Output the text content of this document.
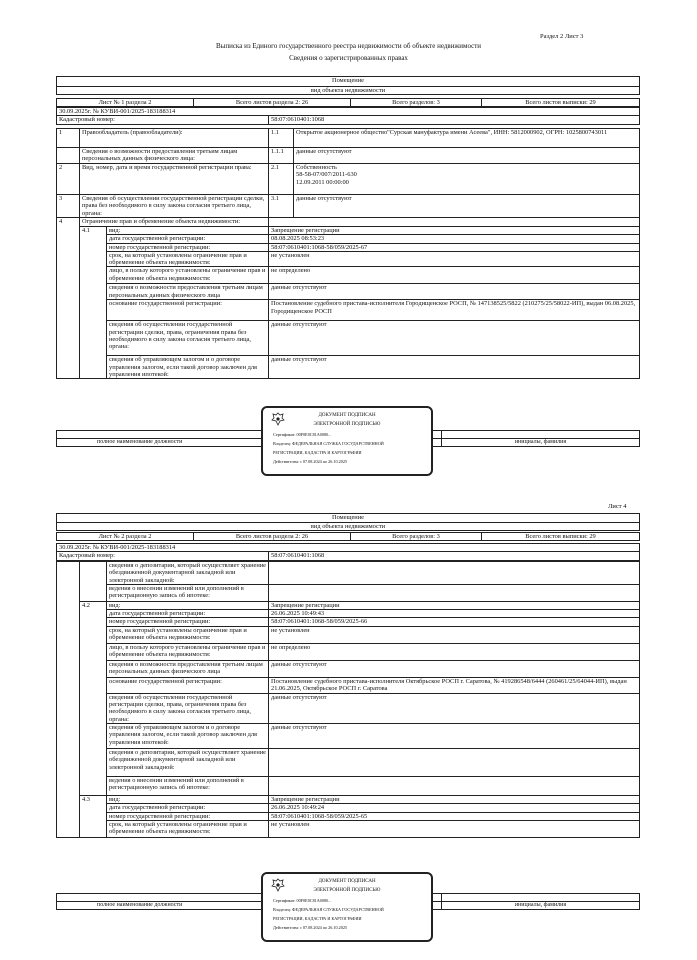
Раздел 2 Лист 3
Выписка из Единого государственного реестра недвижимости об объекте недвижимости
Сведения о зарегистрированных правах
Помещение
вид объекта недвижимости
Лист № 1 раздела 2	Всего листов раздела 2: 26	Всего разделов: 3	Всего листов выписки: 29
30.09.2025г. № КУВИ-001/2025-183188314
Кадастровый номер:	58:07:0610401:1068
1	Правообладатель (правообладатели):		1.1	Открытое акционерное общество"Сурская мануфактура имени Асеева", ИНН: 5812000902, ОГРН: 1025800743011
	Сведения о возможности предоставления третьим лицам персональных данных физического лица:		1.1.1	данные отсутствуют
2	Вид, номер, дата и время государственной регистрации права:		2.1	Собственность
58-58-07/007/2011-630
12.09.2011 00:00:00
3	Сведения об осуществлении государственной регистрации сделки, права без необходимого в силу закона согласия третьего лица, органа:		3.1	данные отсутствуют
4	Ограничение прав и обременение объекта недвижимости:			
	4.1	вид:	Запрещение регистрации	
		дата государственной регистрации:	08.08.2025 08:53:23	
		номер государственной регистрации:	58:07:0610401:1068-58/059/2025-67	
		срок, на который установлены ограничение прав и обременение объекта недвижимости:	не установлен	
		лицо, в пользу которого установлены ограничение прав и обременение объекта недвижимости:	не определено	
		сведения о возможности предоставления третьим лицам персональных данных физического лица	данные отсутствуют	
		основание государственной регистрации:	Постановление судебного пристава-исполнителя Городищенское РОСП, № 147138525/5822 (210275/25/58022-ИП), выдан 06.08.2025, Городищенское РОСП	
		сведения об осуществлении государственной регистрации сделки, права, ограничения права без необходимого в силу закона согласия третьего лица, органа:	данные отсутствуют	
		сведения об управляющем залогом и о договоре управления залогом, если такой договор заключен для управления ипотекой:	данные отсутствуют	

полное наименование должности	инициалы, фамилия
ДОКУМЕНТ ПОДПИСАН
ЭЛЕКТРОННОЙ ПОДПИСЬЮ
Сертификат: 00F0E0C81A0080...
Владелец: ФЕДЕРАЛЬНАЯ СЛУЖБА ГОСУДАРСТВЕННОЙ
РЕГИСТРАЦИИ, КАДАСТРА И КАРТОГРАФИИ
Действителен: с 07.08.2024 по 26.10.2025
Лист 4
Помещение
вид объекта недвижимости
Лист № 2 раздела 2	Всего листов раздела 2: 26	Всего разделов: 3	Всего листов выписки: 29
30.09.2025г. № КУВИ-001/2025-183188314
Кадастровый номер:	58:07:0610401:1068
		сведения о депозитарии, который осуществляет хранение обездвиженной документарной закладной или электронной закладной:	
		ведения о внесении изменений или дополнений в регистрационную запись об ипотеке:	
	4.2	вид:	Запрещение регистрации
		дата государственной регистрации:	26.06.2025 10:49:43
		номер государственной регистрации:	58:07:0610401:1068-58/059/2025-66
		срок, на который установлены ограничение прав и обременение объекта недвижимости:	не установлен
		лицо, в пользу которого установлены ограничение прав и обременение объекта недвижимости:	не определено
		сведения о возможности предоставления третьим лицам персональных данных физического лица	данные отсутствуют
		основание государственной регистрации:	Постановление судебного пристава-исполнителя Октябрьское РОСП г. Саратова, № 419286548/6444 (260461/25/64044-ИП), выдан 21.06.2025, Октябрьское РОСП г. Саратова
		сведения об осуществлении государственной регистрации сделки, права, ограничения права без необходимого в силу закона согласия третьего лица, органа:	данные отсутствуют
		сведения об управляющем залогом и о договоре управления залогом, если такой договор заключен для управления ипотекой:	данные отсутствуют
		сведения о депозитарии, который осуществляет хранение обездвиженной документарной закладной или электронной закладной:	
		ведения о внесении изменений или дополнений в регистрационную запись об ипотеке:	
	4.3	вид:	Запрещение регистрации
		дата государственной регистрации:	26.06.2025 10:49:24
		номер государственной регистрации:	58:07:0610401:1068-58/059/2025-65
		срок, на который установлены ограничение прав и обременение объекта недвижимости:	не установлен

полное наименование должности	инициалы, фамилия
ДОКУМЕНТ ПОДПИСАН
ЭЛЕКТРОННОЙ ПОДПИСЬЮ
Сертификат: 00F0E0C81A0080...
Владелец: ФЕДЕРАЛЬНАЯ СЛУЖБА ГОСУДАРСТВЕННОЙ
РЕГИСТРАЦИИ, КАДАСТРА И КАРТОГРАФИИ
Действителен: с 07.08.2024 по 26.10.2025
